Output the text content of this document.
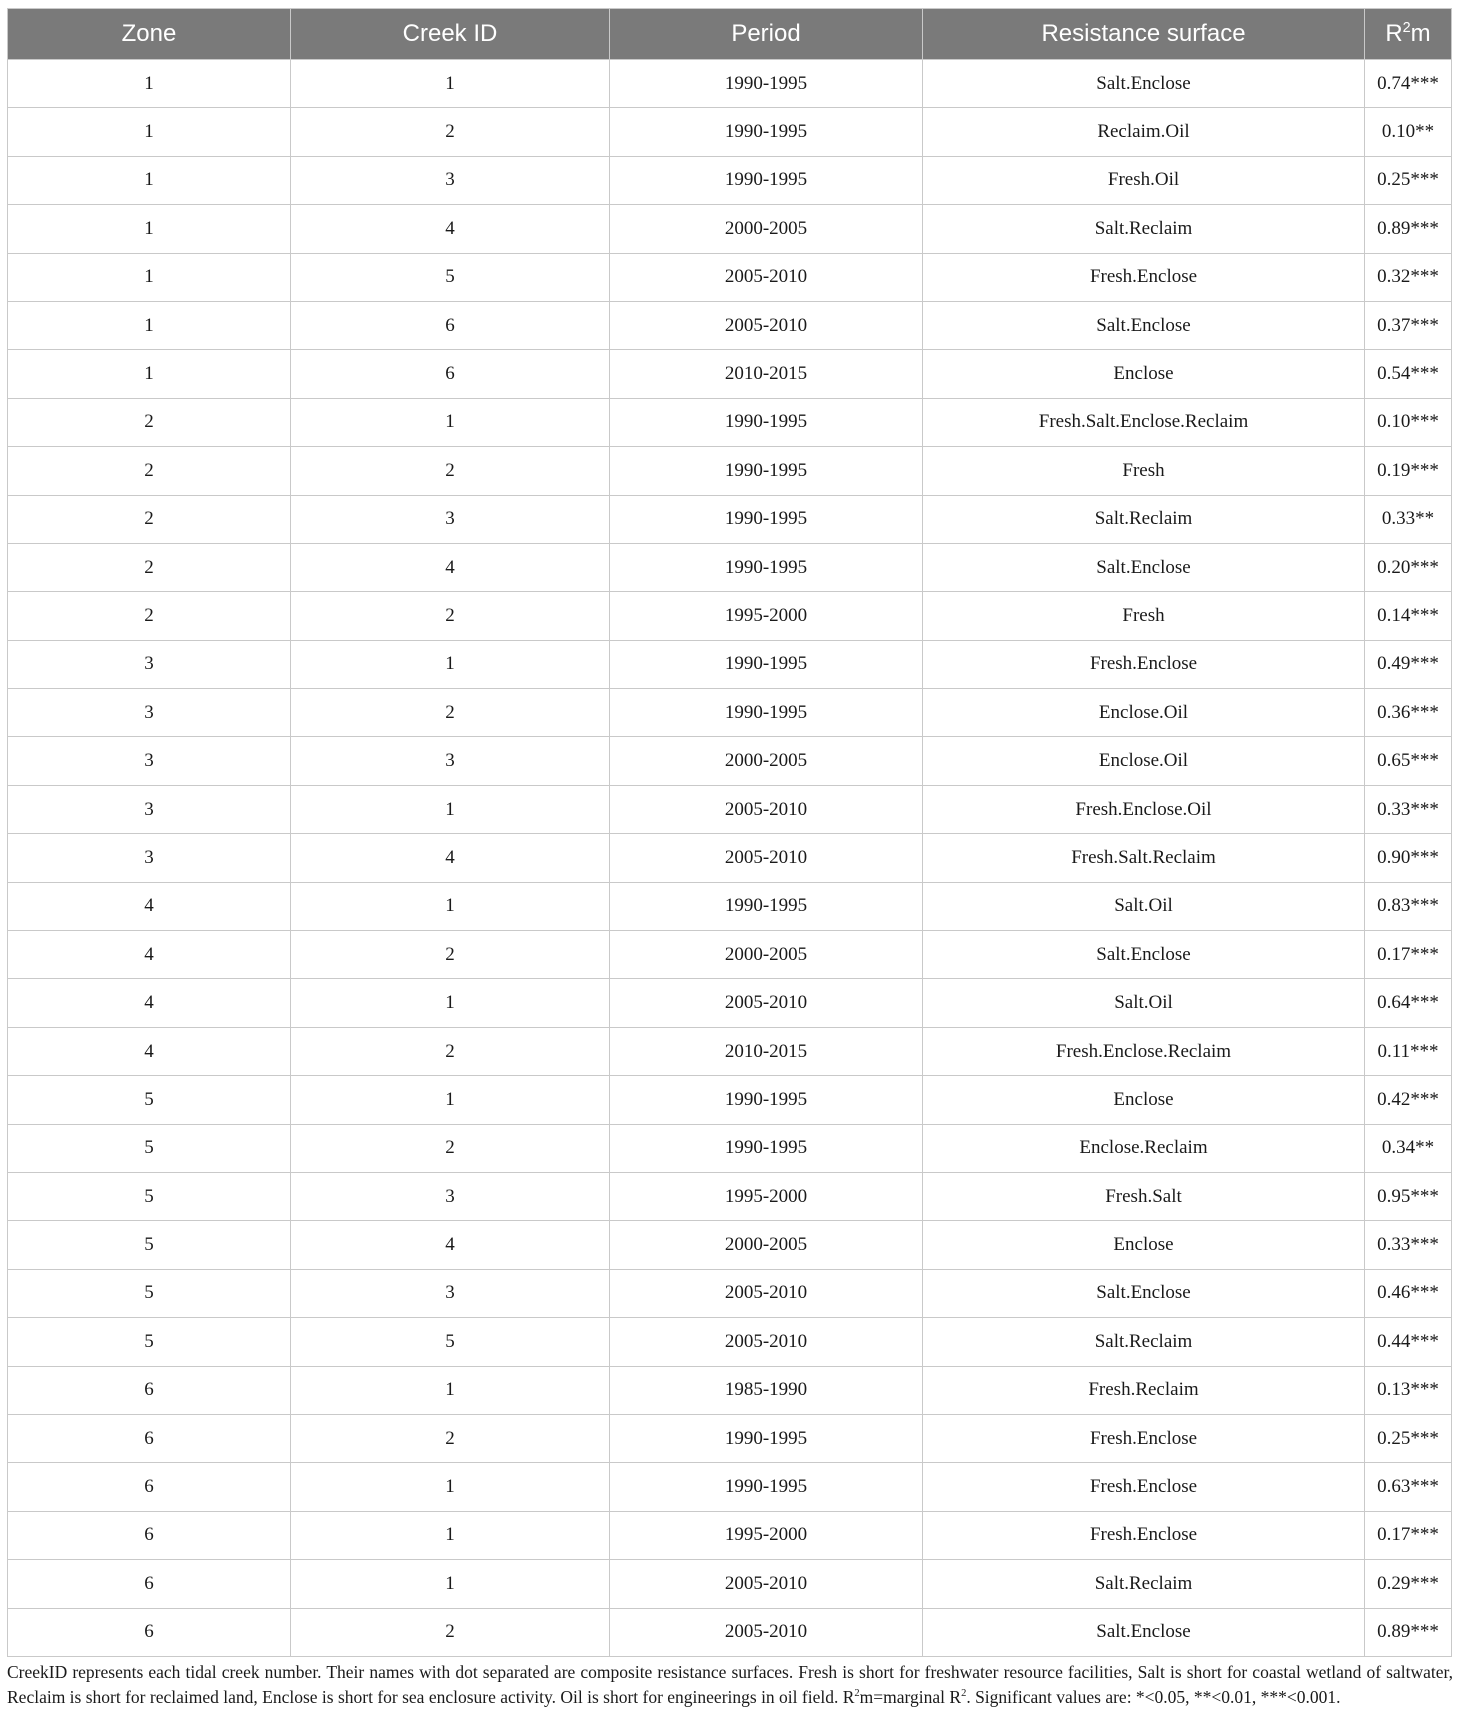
Zone	Creek ID	Period	Resistance surface	$R^2m$
1	1	1990-1995	Salt.Enclose	0.74***
1	2	1990-1995	Reclaim.Oil	0.10**
1	3	1990-1995	Fresh.Oil	0.25***
1	4	2000-2005	Salt.Reclaim	0.89***
1	5	2005-2010	Fresh.Enclose	0.32***
1	6	2005-2010	Salt.Enclose	0.37***
1	6	2010-2015	Enclose	0.54***
2	1	1990-1995	Fresh.Salt.Enclose.Reclaim	0.10***
2	2	1990-1995	Fresh	0.19***
2	3	1990-1995	Salt.Reclaim	0.33**
2	4	1990-1995	Salt.Enclose	0.20***
2	2	1995-2000	Fresh	0.14***
3	1	1990-1995	Fresh.Enclose	0.49***
3	2	1990-1995	Enclose.Oil	0.36***
3	3	2000-2005	Enclose.Oil	0.65***
3	1	2005-2010	Fresh.Enclose.Oil	0.33***
3	4	2005-2010	Fresh.Salt.Reclaim	0.90***
4	1	1990-1995	Salt.Oil	0.83***
4	2	2000-2005	Salt.Enclose	0.17***
4	1	2005-2010	Salt.Oil	0.64***
4	2	2010-2015	Fresh.Enclose.Reclaim	0.11***
5	1	1990-1995	Enclose	0.42***
5	2	1990-1995	Enclose.Reclaim	0.34**
5	3	1995-2000	Fresh.Salt	0.95***
5	4	2000-2005	Enclose	0.33***
5	3	2005-2010	Salt.Enclose	0.46***
5	5	2005-2010	Salt.Reclaim	0.44***
6	1	1985-1990	Fresh.Reclaim	0.13***
6	2	1990-1995	Fresh.Enclose	0.25***
6	1	1990-1995	Fresh.Enclose	0.63***
6	1	1995-2000	Fresh.Enclose	0.17***
6	1	2005-2010	Salt.Reclaim	0.29***
6	2	2005-2010	Salt.Enclose	0.89***
CreekID represents each tidal creek number. Their names with dot separated are composite resistance surfaces. Fresh is short for freshwater resource facilities, Salt is short for coastal wetland of saltwater, Reclaim is short for reclaimed land, Enclose is short for sea enclosure activity. Oil is short for engineerings in oil field. $R^2m=marginal$ $R^2$. Significant values are: *<0.05, **<0.01, ***<0.001.
